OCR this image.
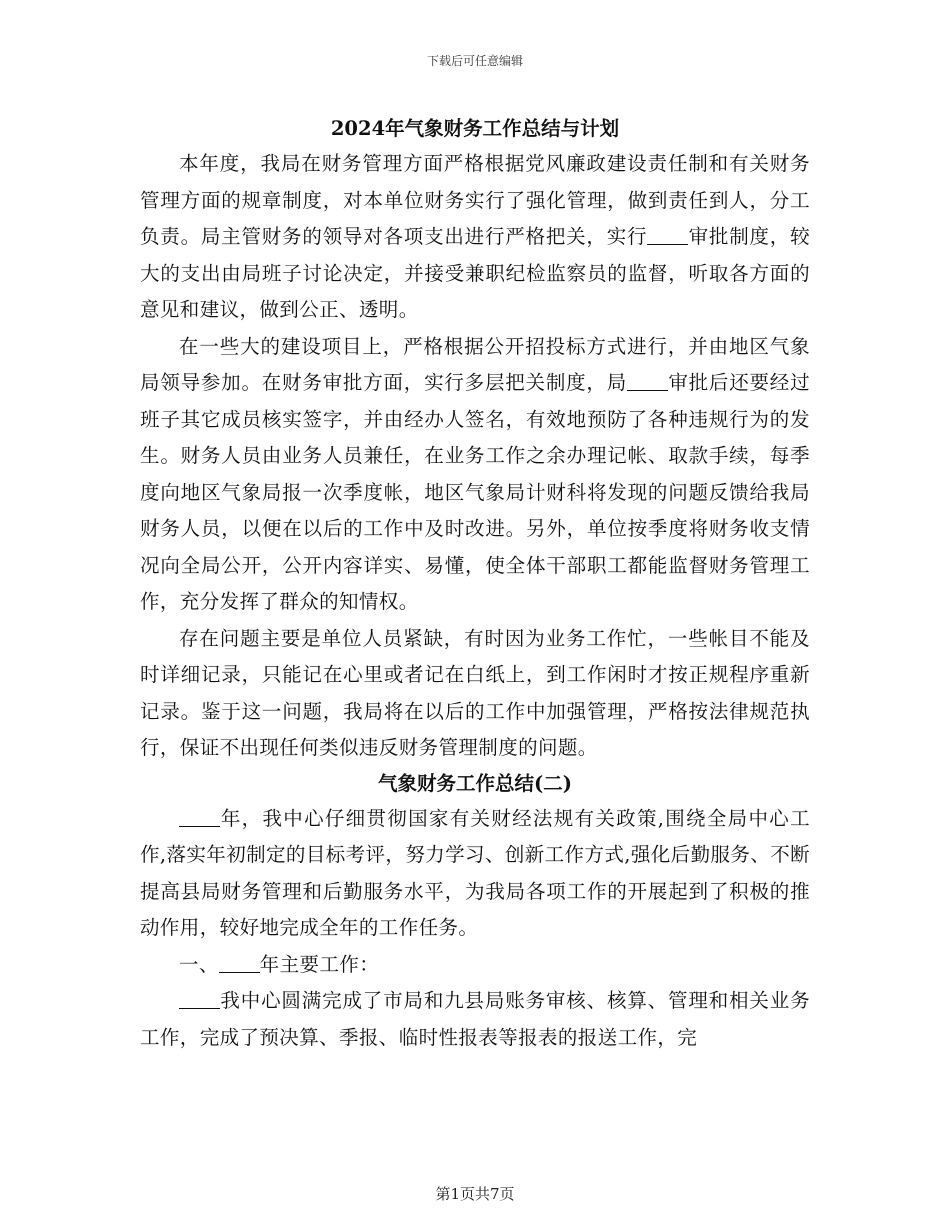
下载后可任意编辑
2024年气象财务工作总结与计划

本年度，我局在财务管理方面严格根据党风廉政建设责任制和有关财务管理方面的规章制度，对本单位财务实行了强化管理，做到责任到人，分工负责。局主管财务的领导对各项支出进行严格把关，实行 审批制度，较大的支出由局班子讨论决定，并接受兼职纪检监察员的监督，听取各方面的意见和建议，做到公正、透明。

在一些大的建设项目上，严格根据公开招投标方式进行，并由地区气象局领导参加。在财务审批方面，实行多层把关制度，局 审批后还要经过班子其它成员核实签字，并由经办人签名，有效地预防了各种违规行为的发生。财务人员由业务人员兼任，在业务工作之余办理记帐、取款手续，每季度向地区气象局报一次季度帐，地区气象局计财科将发现的问题反馈给我局财务人员，以便在以后的工作中及时改进。另外，单位按季度将财务收支情况向全局公开，公开内容详实、易懂，使全体干部职工都能监督财务管理工作，充分发挥了群众的知情权。

存在问题主要是单位人员紧缺，有时因为业务工作忙，一些帐目不能及时详细记录，只能记在心里或者记在白纸上，到工作闲时才按正规程序重新记录。鉴于这一问题，我局将在以后的工作中加强管理，严格按法律规范执行，保证不出现任何类似违反财务管理制度的问题。

气象财务工作总结(二)

年，我中心仔细贯彻国家有关财经法规有关政策,围绕全局中心工作,落实年初制定的目标考评，努力学习、创新工作方式,强化后勤服务、不断提高县局财务管理和后勤服务水平，为我局各项工作的开展起到了积极的推动作用，较好地完成全年的工作任务。

一、 年主要工作：

我中心圆满完成了市局和九县局账务审核、核算、管理和相关业务工作，完成了预决算、季报、临时性报表等报表的报送工作，完

第1页共7页
